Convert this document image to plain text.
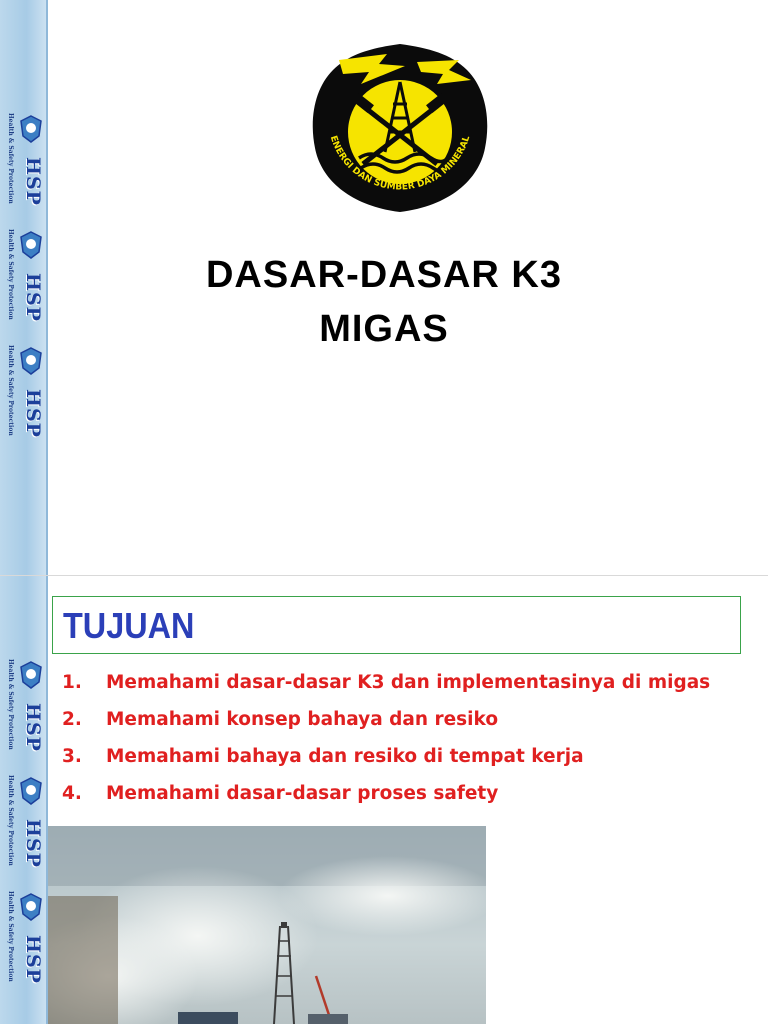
Health & Safety Protection HSP
Health & Safety Protection HSP
Health & Safety Protection HSP
ENERGI DAN SUMBER DAYA MINERAL
DASAR-DASAR K3
MIGAS
Health & Safety Protection HSP
Health & Safety Protection HSP
Health & Safety Protection HSP
TUJUAN
1.	Memahami dasar-dasar K3 dan implementasinya di migas
2.	Memahami konsep bahaya dan resiko
3.	Memahami bahaya dan resiko di tempat kerja
4.	Memahami dasar-dasar proses safety
